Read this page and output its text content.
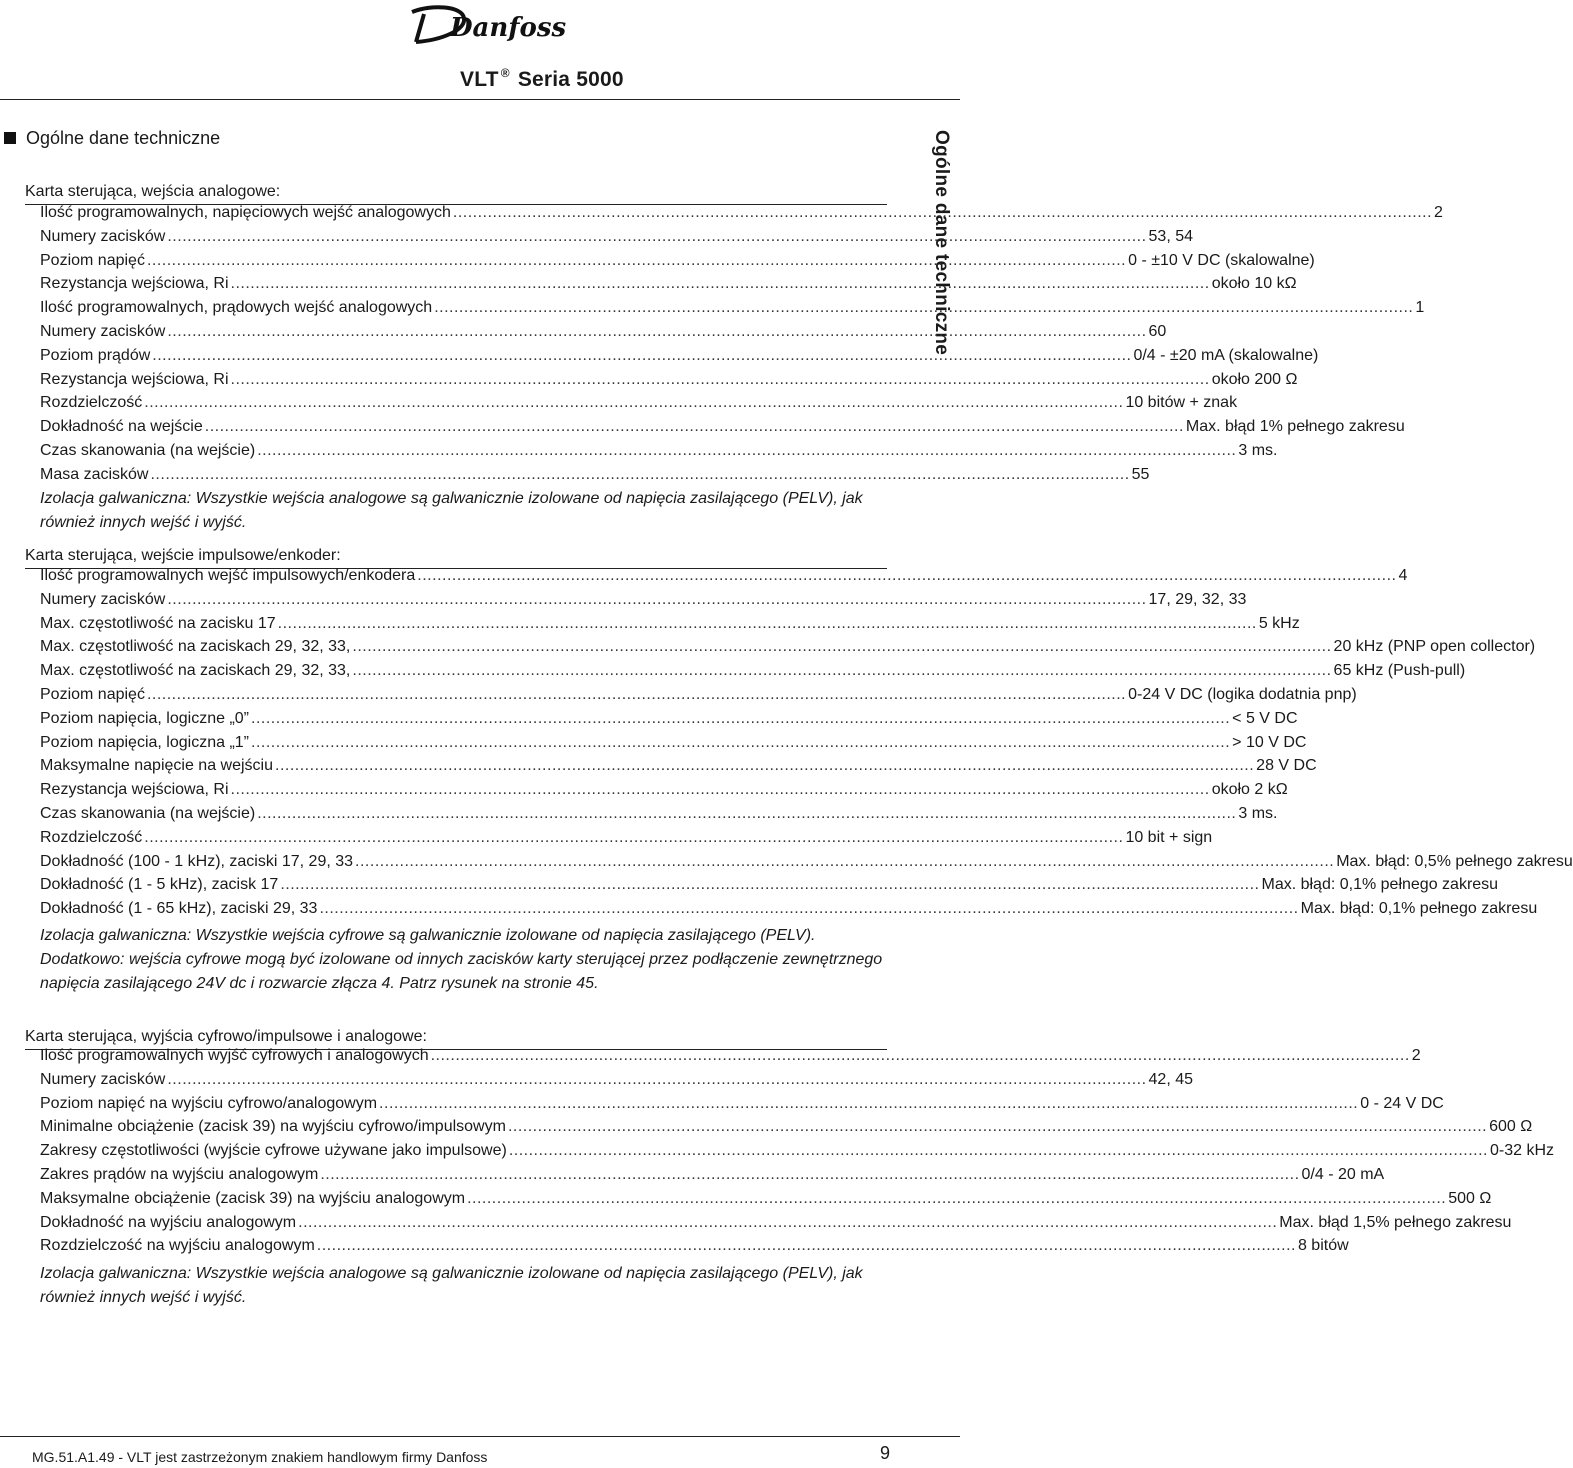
Danfoss
VLT ® Seria 5000
Ogólne dane techniczne	Ogólne dane techniczne
Karta sterująca, wejścia analogowe:
Ilość programowalnych, napięciowych wejść analogowych .....	2
Numery zacisków .....	53, 54
Poziom napięć .....	0 - ±10 V DC (skalowalne)
Rezystancja wejściowa, Ri .....	około 10 kΩ
Ilość programowalnych, prądowych wejść analogowych .....	1
Numery zacisków .....	60
Poziom prądów .....	0/4 - ±20 mA (skalowalne)
Rezystancja wejściowa, Ri .....	około 200 Ω
Rozdzielczość .....	10 bitów + znak
Dokładność na wejście .....	Max. błąd 1% pełnego zakresu
Czas skanowania (na wejście) .....	3 ms.
Masa zacisków .....	55
Izolacja galwaniczna: Wszystkie wejścia analogowe są galwanicznie izolowane od napięcia zasilającego (PELV), jak również innych wejść i wyjść.
Karta sterująca, wejście impulsowe/enkoder:
Ilość programowalnych wejść impulsowych/enkodera .....	4
Numery zacisków .....	17, 29, 32, 33
Max. częstotliwość na zacisku 17 .....	5 kHz
Max. częstotliwość na zaciskach 29, 32, 33, .....	20 kHz (PNP open collector)
Max. częstotliwość na zaciskach 29, 32, 33, .....	65 kHz (Push-pull)
Poziom napięć .....	0-24 V DC (logika dodatnia pnp)
Poziom napięcia, logiczne „0” .....	< 5 V DC
Poziom napięcia, logiczna „1” .....	> 10 V DC
Maksymalne napięcie na wejściu .....	28 V DC
Rezystancja wejściowa, Ri .....	około 2 kΩ
Czas skanowania (na wejście) .....	3 ms.
Rozdzielczość .....	10 bit + sign
Dokładność (100 - 1 kHz), zaciski 17, 29, 33 .....	Max. błąd: 0,5% pełnego zakresu
Dokładność (1 - 5 kHz), zacisk 17 .....	Max. błąd: 0,1% pełnego zakresu
Dokładność (1 - 65 kHz), zaciski 29, 33 .....	Max. błąd: 0,1% pełnego zakresu
Izolacja galwaniczna: Wszystkie wejścia cyfrowe są galwanicznie izolowane od napięcia zasilającego (PELV). Dodatkowo: wejścia cyfrowe mogą być izolowane od innych zacisków karty sterującej przez podłączenie zewnętrznego napięcia zasilającego 24V dc i rozwarcie złącza 4. Patrz rysunek na stronie 45.
Karta sterująca, wyjścia cyfrowo/impulsowe i analogowe:
Ilość programowalnych wyjść cyfrowych i analogowych .....	2
Numery zacisków .....	42, 45
Poziom napięć na wyjściu cyfrowo/analogowym .....	0 - 24 V DC
Minimalne obciążenie (zacisk 39) na wyjściu cyfrowo/impulsowym .....	600 Ω
Zakresy częstotliwości (wyjście cyfrowe używane jako impulsowe) .....	0-32 kHz
Zakres prądów na wyjściu analogowym .....	0/4 - 20 mA
Maksymalne obciążenie (zacisk 39) na wyjściu analogowym .....	500 Ω
Dokładność na wyjściu analogowym .....	Max. błąd 1,5% pełnego zakresu
Rozdzielczość na wyjściu analogowym .....	8 bitów
Izolacja galwaniczna: Wszystkie wejścia analogowe są galwanicznie izolowane od napięcia zasilającego (PELV), jak również innych wejść i wyjść.
MG.51.A1.49 - VLT jest zastrzeżonym znakiem handlowym firmy Danfoss	9
